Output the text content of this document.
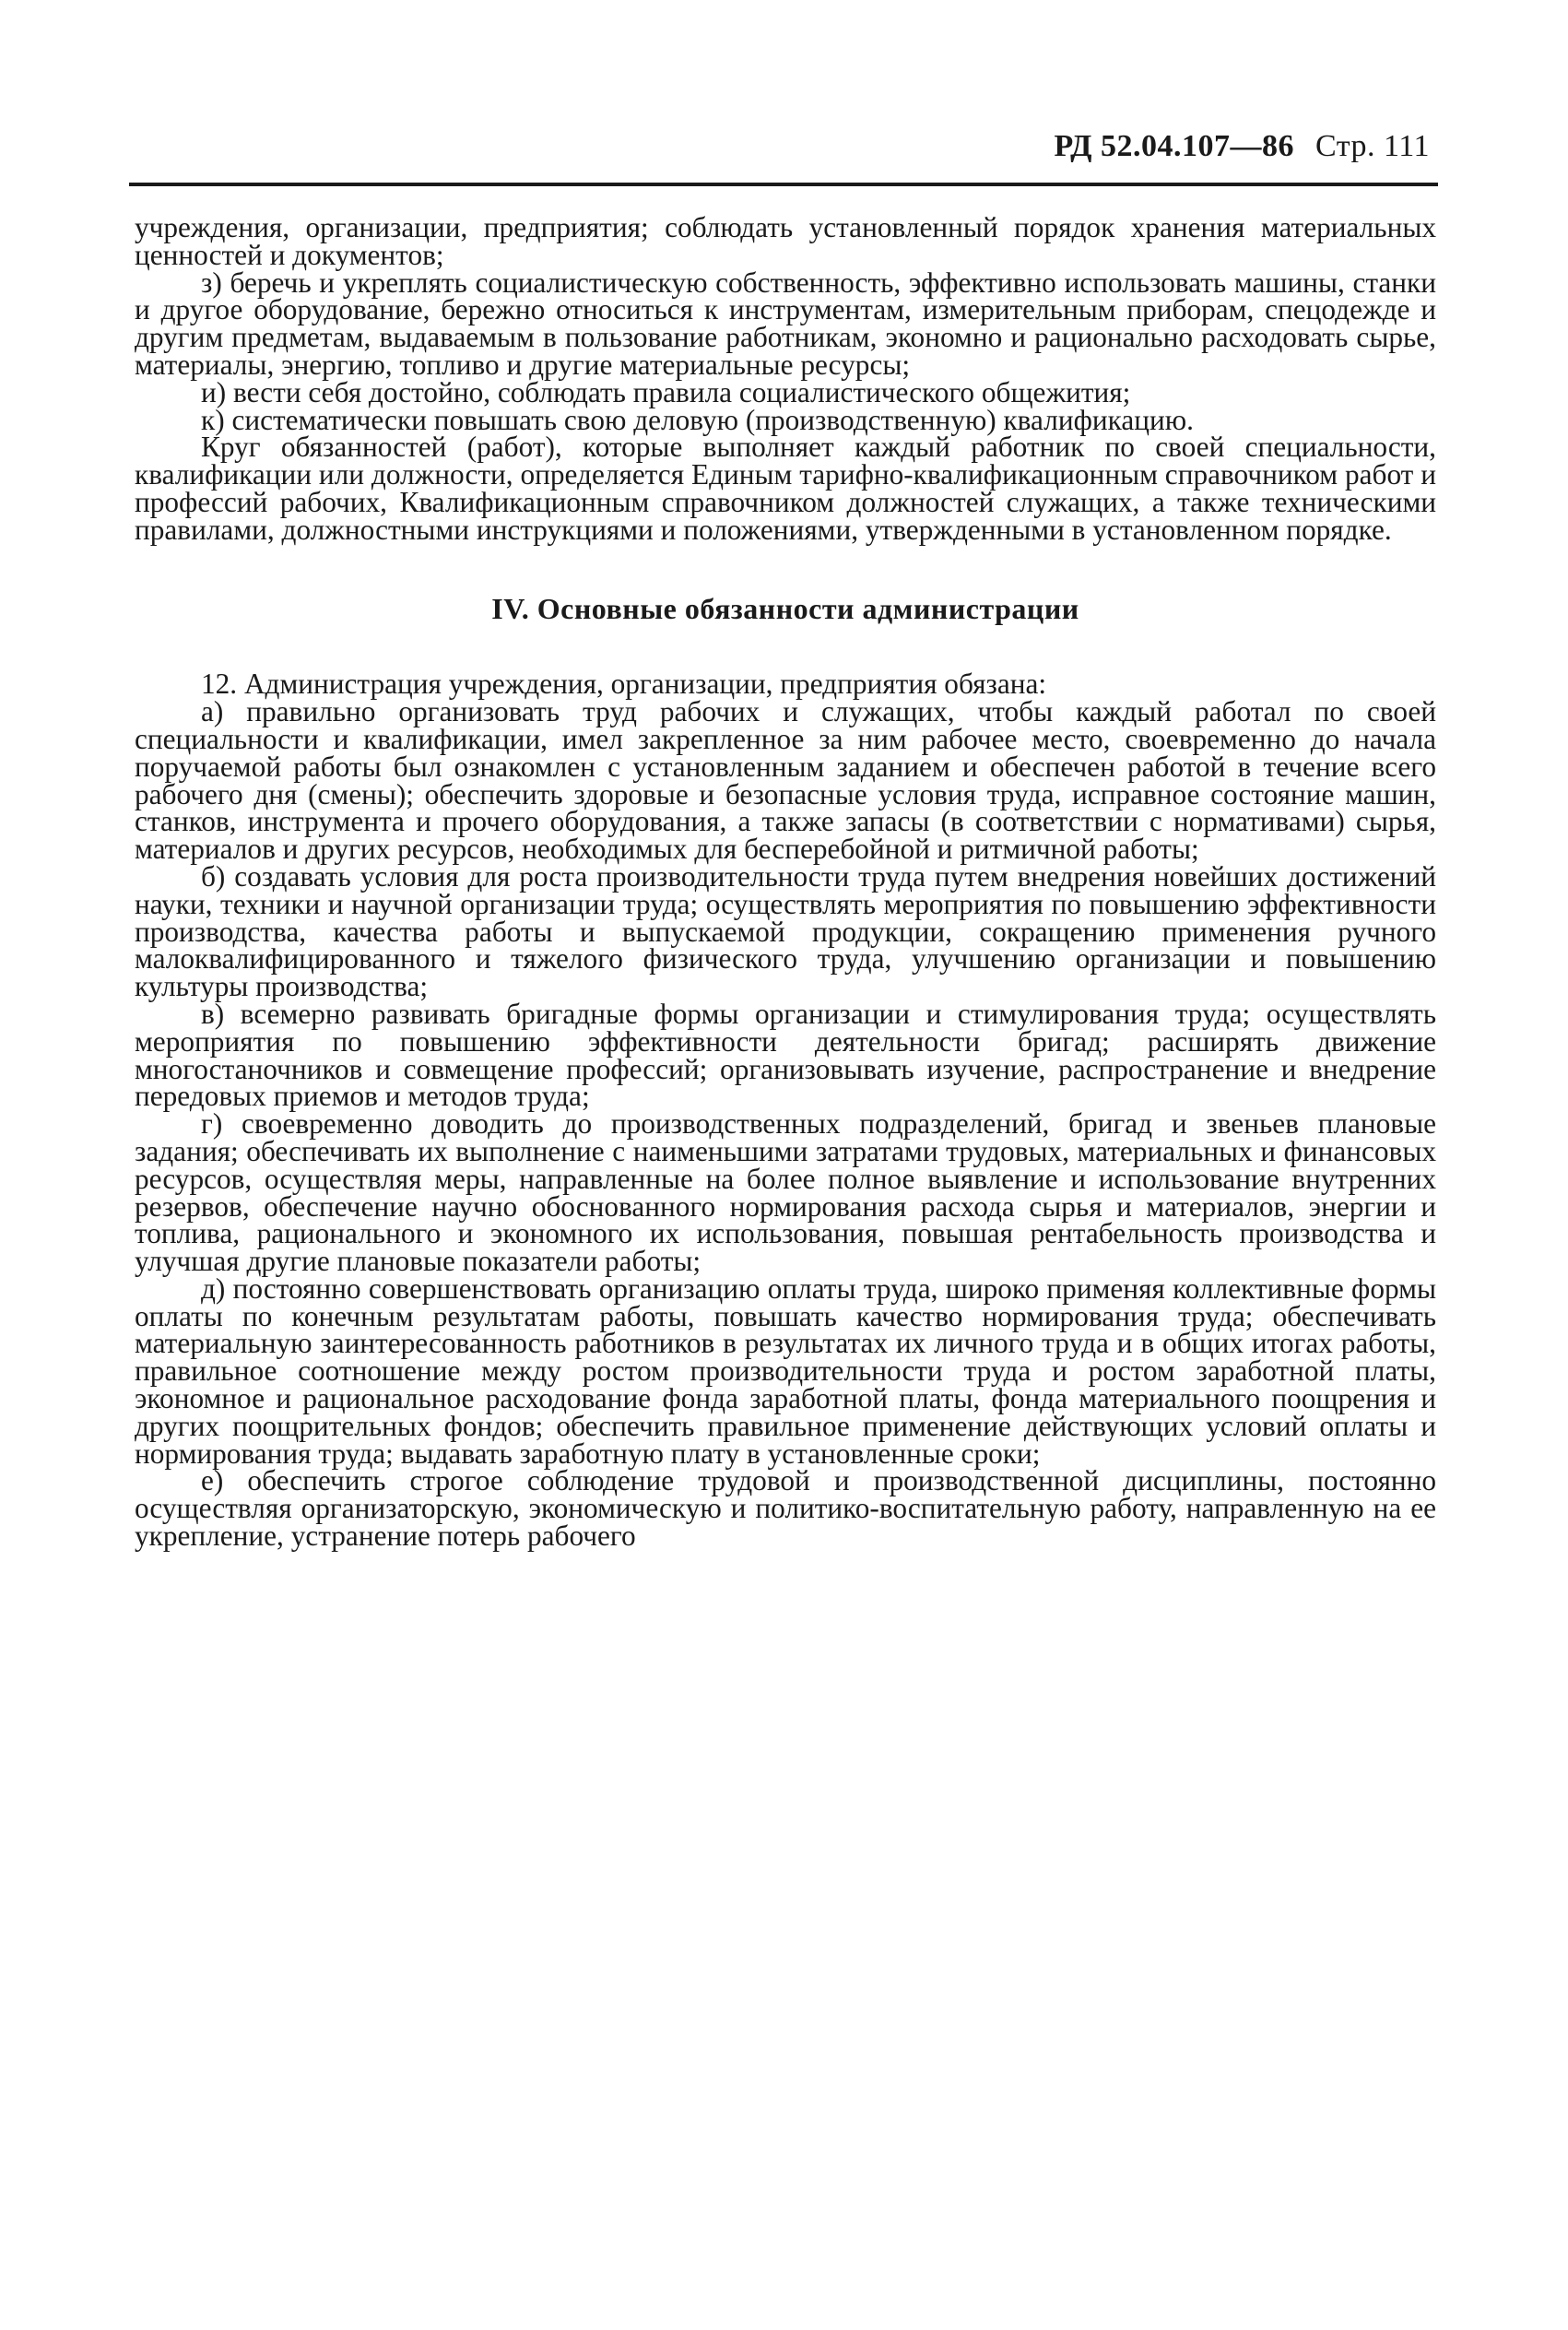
РД 52.04.107—86 Стр. 111

учреждения, организации, предприятия; соблюдать установленный порядок хранения материальных ценностей и документов;

з) беречь и укреплять социалистическую собственность, эффективно использовать машины, станки и другое оборудование, бережно относиться к инструментам, измерительным приборам, спецодежде и другим предметам, выдаваемым в пользование работникам, экономно и рационально расходовать сырье, материалы, энергию, топливо и другие материальные ресурсы;

и) вести себя достойно, соблюдать правила социалистического общежития;

к) систематически повышать свою деловую (производственную) квалификацию.

Круг обязанностей (работ), которые выполняет каждый работник по своей специальности, квалификации или должности, определяется Единым тарифно-квалификационным справочником работ и профессий рабочих, Квалификационным справочником должностей служащих, а также техническими правилами, должностными инструкциями и положениями, утвержденными в установленном порядке.

IV. Основные обязанности администрации

12. Администрация учреждения, организации, предприятия обязана:

а) правильно организовать труд рабочих и служащих, чтобы каждый работал по своей специальности и квалификации, имел закрепленное за ним рабочее место, своевременно до начала поручаемой работы был ознакомлен с установленным заданием и обеспечен работой в течение всего рабочего дня (смены); обеспечить здоровые и безопасные условия труда, исправное состояние машин, станков, инструмента и прочего оборудования, а также запасы (в соответствии с нормативами) сырья, материалов и других ресурсов, необходимых для бесперебойной и ритмичной работы;

б) создавать условия для роста производительности труда путем внедрения новейших достижений науки, техники и научной организации труда; осуществлять мероприятия по повышению эффективности производства, качества работы и выпускаемой продукции, сокращению применения ручного малоквалифицированного и тяжелого физического труда, улучшению организации и повышению культуры производства;

в) всемерно развивать бригадные формы организации и стимулирования труда; осуществлять мероприятия по повышению эффективности деятельности бригад; расширять движение многостаночников и совмещение профессий; организовывать изучение, распространение и внедрение передовых приемов и методов труда;

г) своевременно доводить до производственных подразделений, бригад и звеньев плановые задания; обеспечивать их выполнение с наименьшими затратами трудовых, материальных и финансовых ресурсов, осуществляя меры, направленные на более полное выявление и использование внутренних резервов, обеспечение научно обоснованного нормирования расхода сырья и материалов, энергии и топлива, рационального и экономного их использования, повышая рентабельность производства и улучшая другие плановые показатели работы;

д) постоянно совершенствовать организацию оплаты труда, широко применяя коллективные формы оплаты по конечным результатам работы, повышать качество нормирования труда; обеспечивать материальную заинтересованность работников в результатах их личного труда и в общих итогах работы, правильное соотношение между ростом производительности труда и ростом заработной платы, экономное и рациональное расходование фонда заработной платы, фонда материального поощрения и других поощрительных фондов; обеспечить правильное применение действующих условий оплаты и нормирования труда; выдавать заработную плату в установленные сроки;

е) обеспечить строгое соблюдение трудовой и производственной дисциплины, постоянно осуществляя организаторскую, экономическую и политико-воспитательную работу, направленную на ее укрепление, устранение потерь рабочего
